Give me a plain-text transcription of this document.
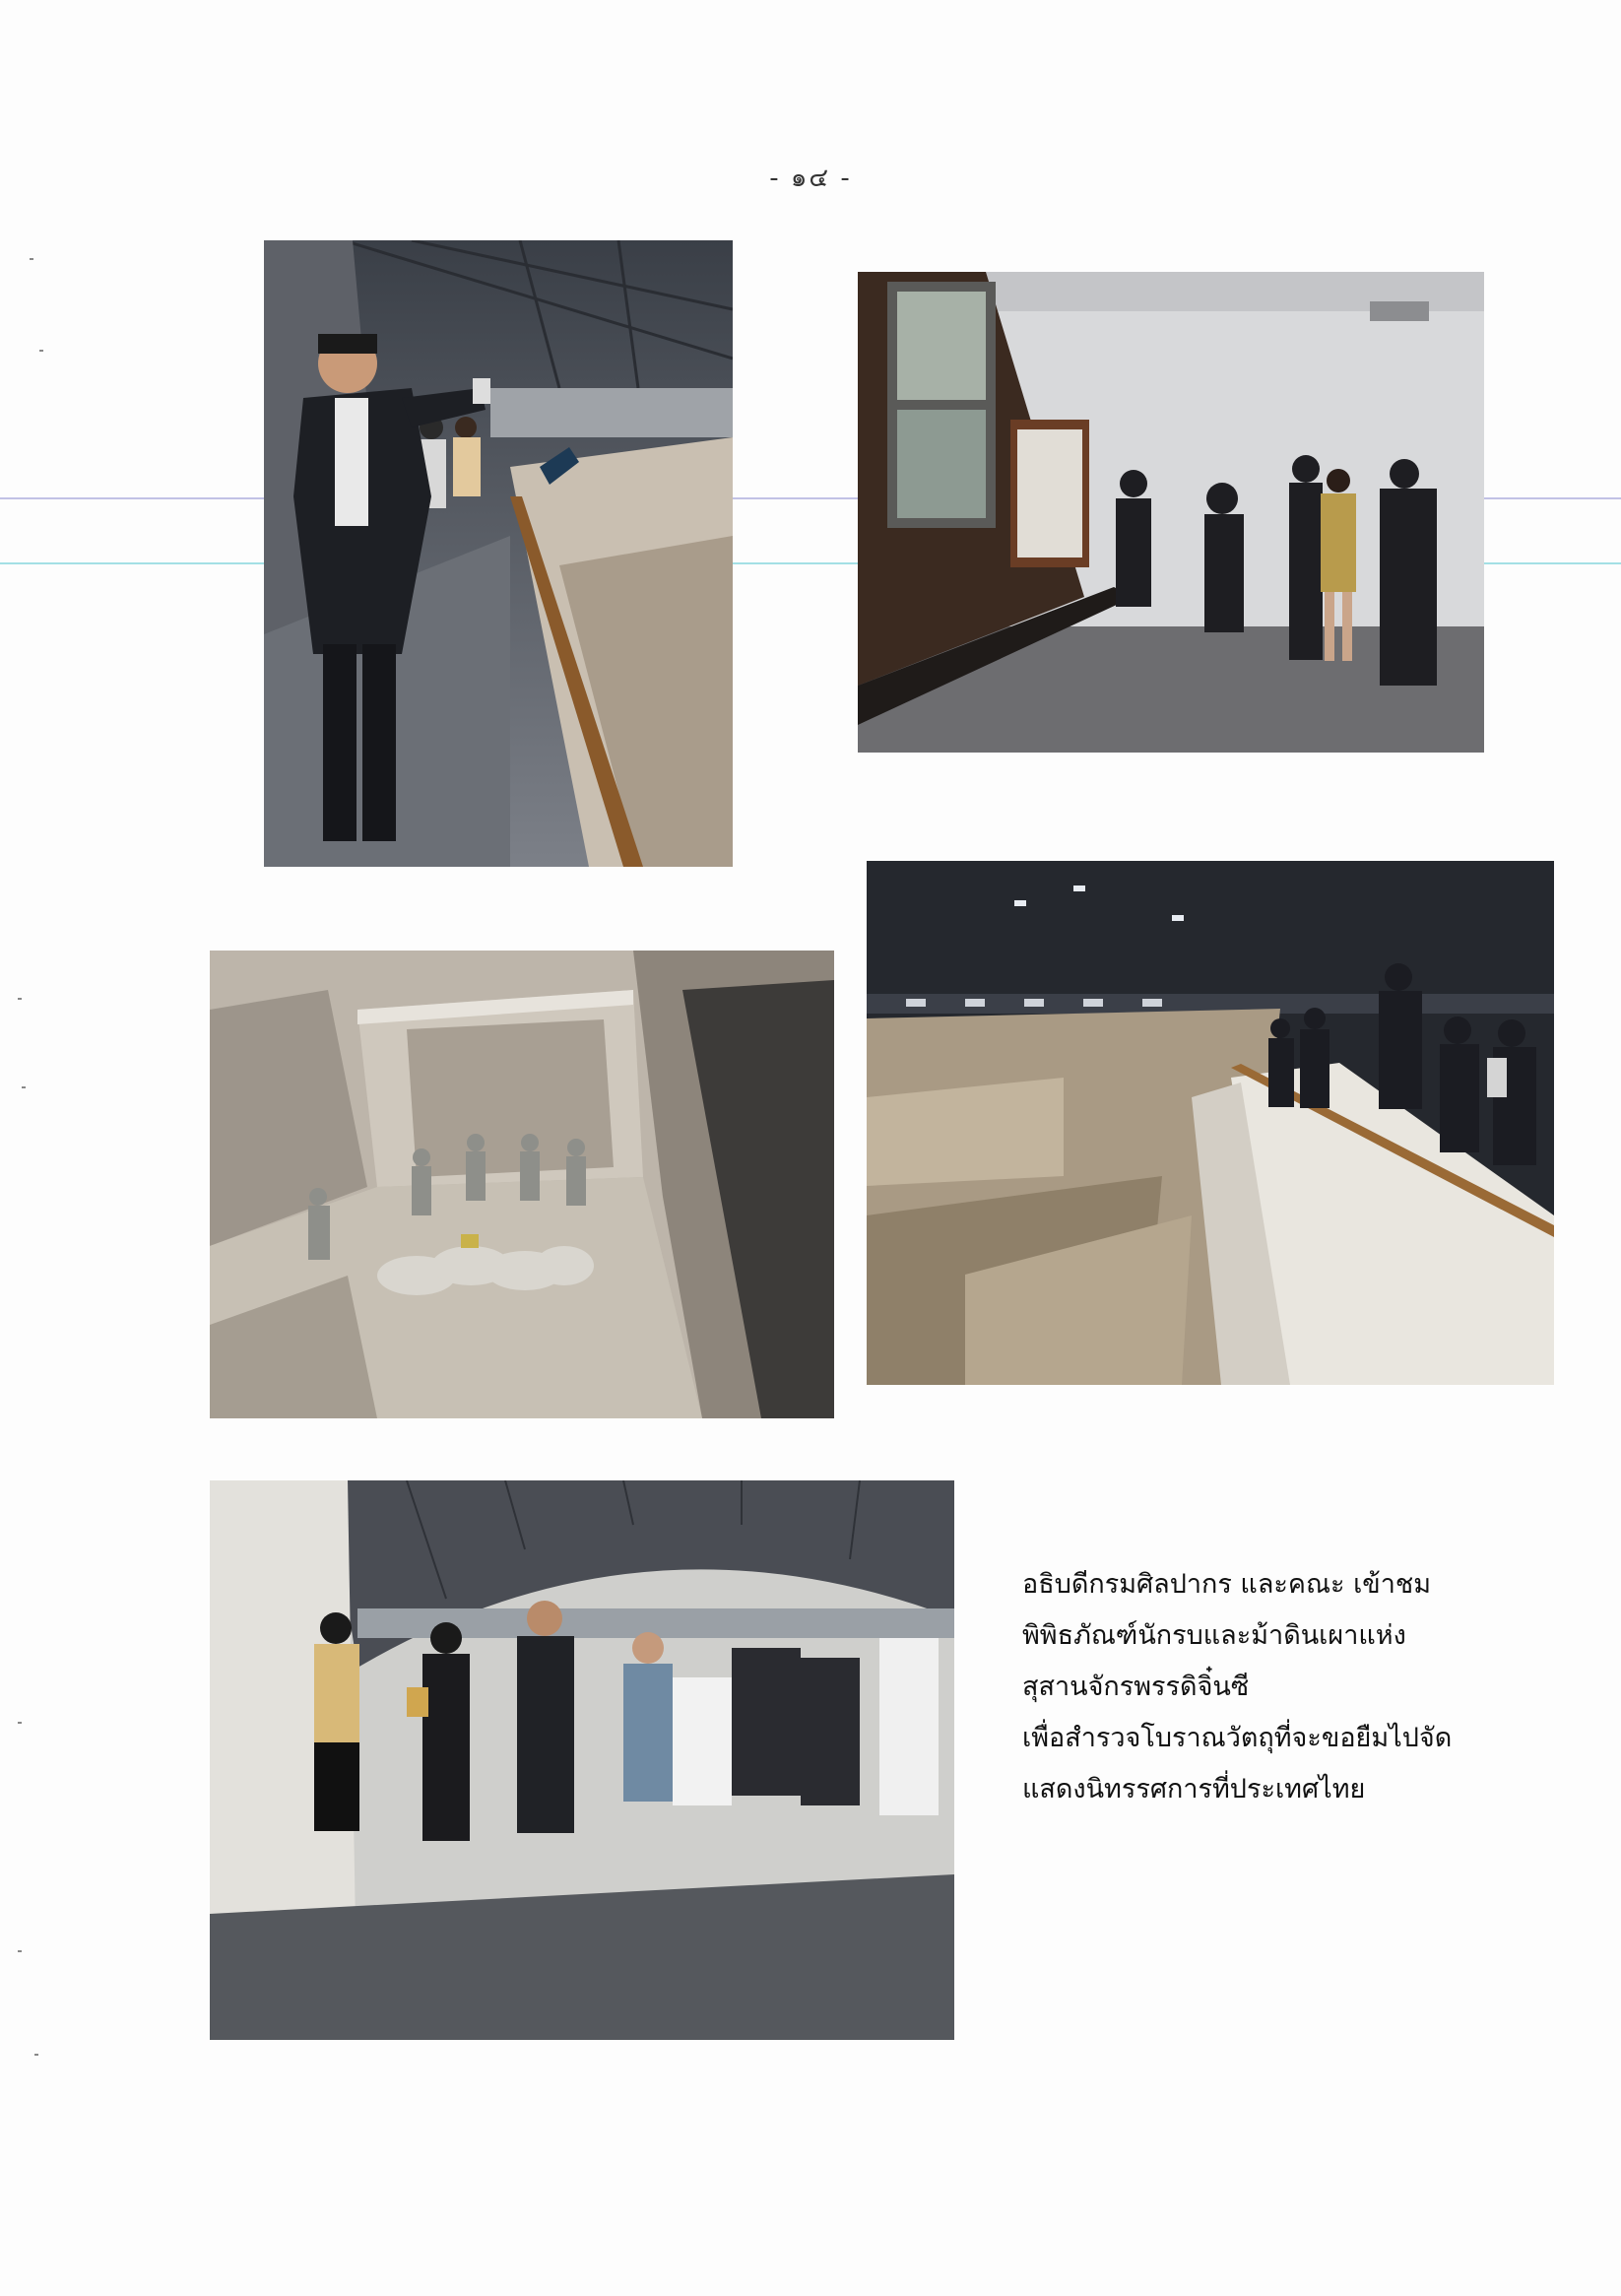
- ๑๔ -
อธิบดีกรมศิลปากร และคณะ เข้าชม
พิพิธภัณฑ์นักรบและม้าดินเผาแห่ง
สุสานจักรพรรดิจิ๋นซี
เพื่อสำรวจโบราณวัตถุที่จะขอยืมไปจัด
แสดงนิทรรศการที่ประเทศไทย
